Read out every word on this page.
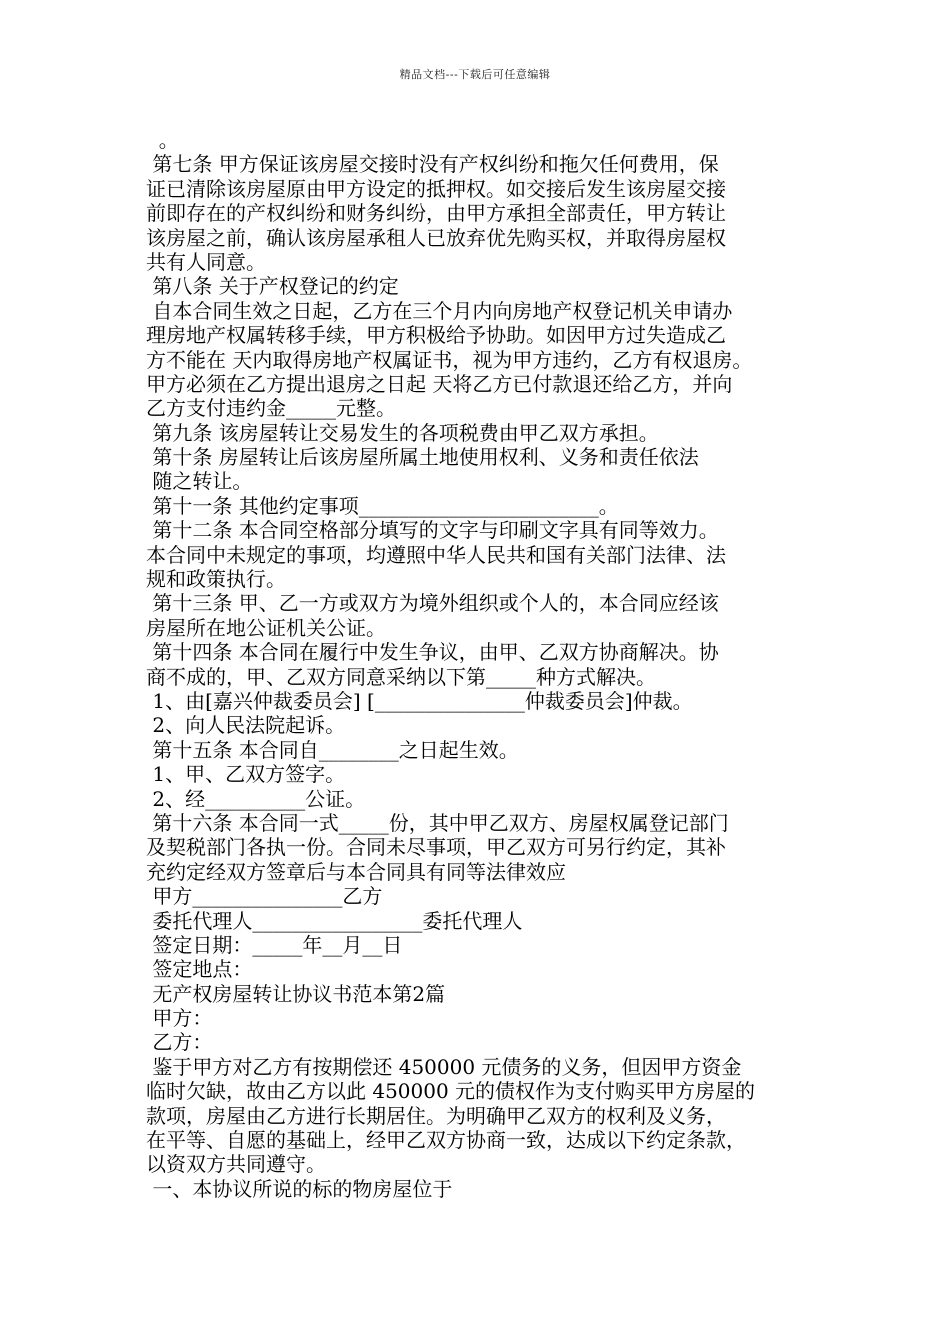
精品文档---下载后可任意编辑
。
第七条 甲方保证该房屋交接时没有产权纠纷和拖欠任何费用，保
证已清除该房屋原由甲方设定的抵押权。如交接后发生该房屋交接
前即存在的产权纠纷和财务纠纷，由甲方承担全部责任，甲方转让
该房屋之前，确认该房屋承租人已放弃优先购买权，并取得房屋权
共有人同意。
第八条 关于产权登记的约定
自本合同生效之日起，乙方在三个月内向房地产权登记机关申请办
理房地产权属转移手续，甲方积极给予协助。如因甲方过失造成乙
方不能在 天内取得房地产权属证书，视为甲方违约，乙方有权退房。
甲方必须在乙方提出退房之日起 天将乙方已付款退还给乙方，并向
乙方支付违约金_____元整。
第九条 该房屋转让交易发生的各项税费由甲乙双方承担。
第十条 房屋转让后该房屋所属土地使用权利、义务和责任依法
随之转让。
第十一条 其他约定事项________________________。
第十二条 本合同空格部分填写的文字与印刷文字具有同等效力。
本合同中未规定的事项，均遵照中华人民共和国有关部门法律、法
规和政策执行。
第十三条 甲、乙一方或双方为境外组织或个人的，本合同应经该
房屋所在地公证机关公证。
第十四条 本合同在履行中发生争议，由甲、乙双方协商解决。协
商不成的，甲、乙双方同意采纳以下第_____种方式解决。
1、由[嘉兴仲裁委员会] [_______________仲裁委员会]仲裁。
2、向人民法院起诉。
第十五条 本合同自________之日起生效。
1、甲、乙双方签字。
2、经__________公证。
第十六条 本合同一式_____份，其中甲乙双方、房屋权属登记部门
及契税部门各执一份。合同未尽事项，甲乙双方可另行约定，其补
充约定经双方签章后与本合同具有同等法律效应
甲方_______________乙方
委托代理人_________________委托代理人
签定日期：_____年__月__日
签定地点：
无产权房屋转让协议书范本第2篇
甲方：
乙方：
鉴于甲方对乙方有按期偿还 450000 元债务的义务，但因甲方资金
临时欠缺，故由乙方以此 450000 元的债权作为支付购买甲方房屋的
款项，房屋由乙方进行长期居住。为明确甲乙双方的权利及义务，
在平等、自愿的基础上，经甲乙双方协商一致，达成以下约定条款，
以资双方共同遵守。
一、本协议所说的标的物房屋位于
